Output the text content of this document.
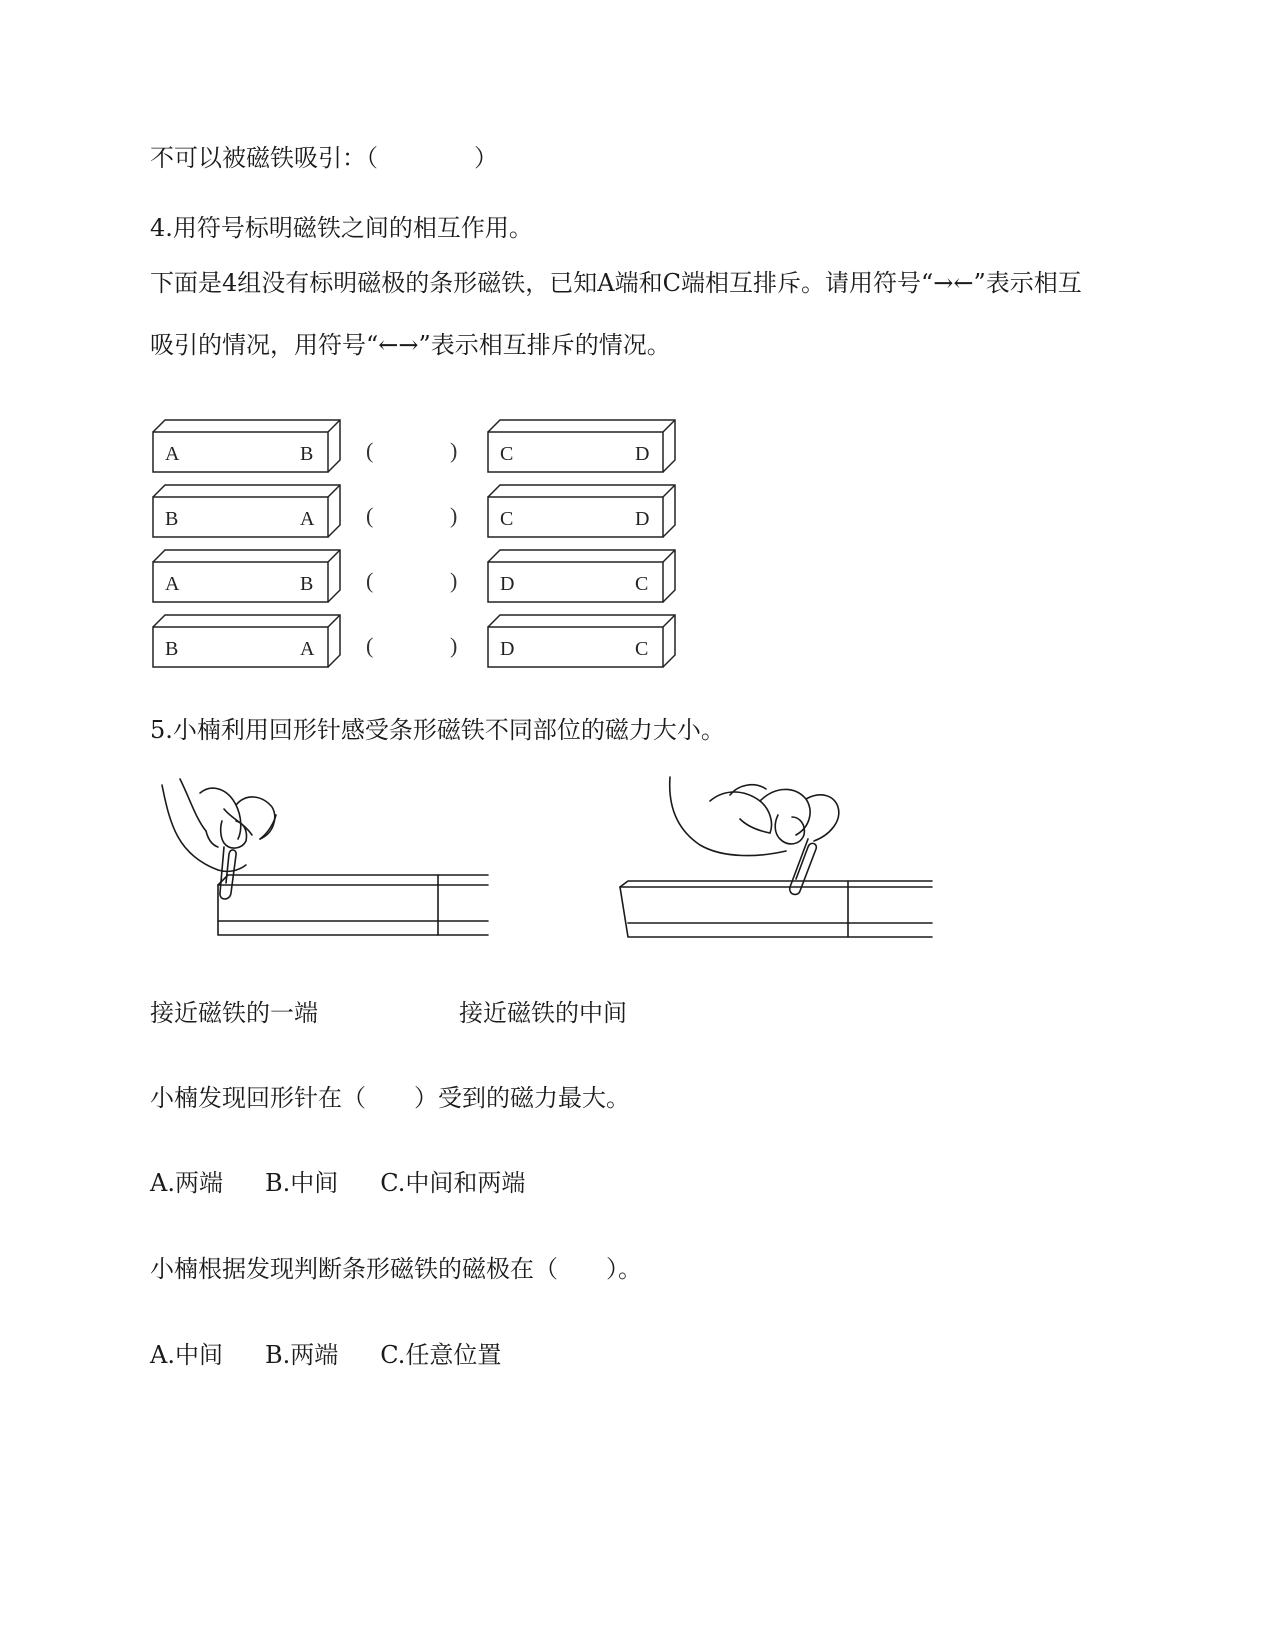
不可以被磁铁吸引：（　　　　）
4.用符号标明磁铁之间的相互作用。
下面是4组没有标明磁极的条形磁铁，已知A端和C端相互排斥。请用符号“→←”表示相互
吸引的情况，用符号“←→”表示相互排斥的情况。
A	B (	) C	D
B	A (	) C	D
A	B (	) D	C
B	A (	) D	C
5.小楠利用回形针感受条形磁铁不同部位的磁力大小。
接近磁铁的一端	接近磁铁的中间
小楠发现回形针在（　　）受到的磁力最大。
A.两端 B.中间 C.中间和两端
小楠根据发现判断条形磁铁的磁极在（　　）。
A.中间 B.两端 C.任意位置
